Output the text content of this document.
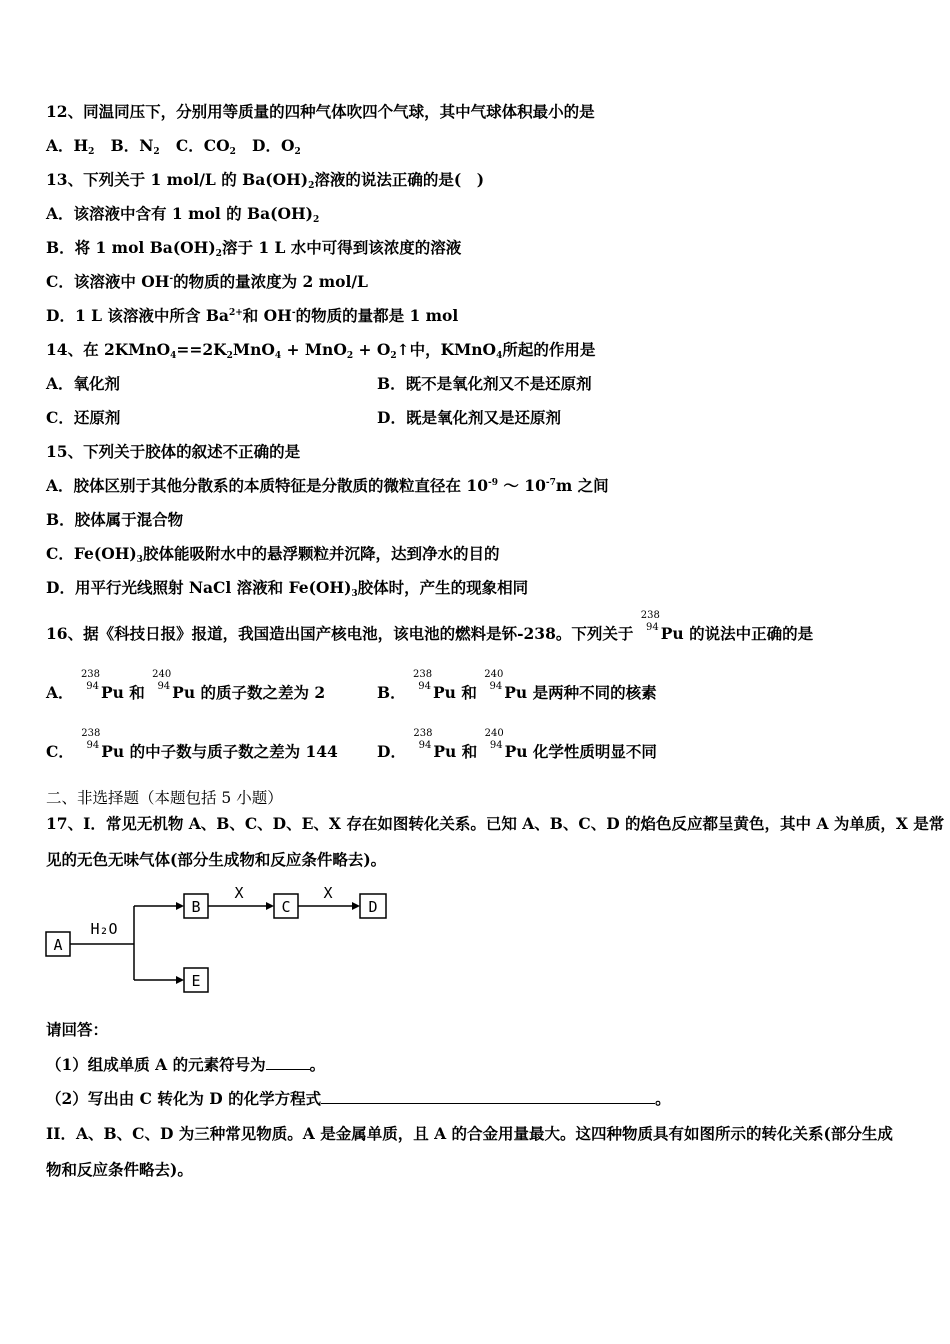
12、同温同压下，分别用等质量的四种气体吹四个气球，其中气球体积最小的是
A．$H_2$ B．$N_2$ C．$CO_2$ D．$O_2$
13、下列关于 1 mol/L 的 $Ba(OH)_2$溶液的说法正确的是(　)
A．该溶液中含有 1 mol 的 $Ba(OH)_2$
B．将 1 mol $Ba(OH)_2$溶于 1 L 水中可得到该浓度的溶液
C．该溶液中 OH-的物质的量浓度为 2 mol/L
D．1 L 该溶液中所含 $Ba^{2+}$和 OH-的物质的量都是 1 mol
14、在 $2KMnO_4==2K_2MnO_4 + MnO_2$ + $O_2↑$中，KMnO$_4$所起的作用是
A．氧化剂	B．既不是氧化剂又不是还原剂
C．还原剂	D．既是氧化剂又是还原剂
15、下列关于胶体的叙述不正确的是
A．胶体区别于其他分散系的本质特征是分散质的微粒直径在 $10^{-9}$ ～ $10^{-7}m$ 之间
B．胶体属于混合物
C．$Fe(OH)_3$胶体能吸附水中的悬浮颗粒并沉降，达到净水的目的
D．用平行光线照射 NaCl 溶液和 $Fe(OH)_3$胶体时，产生的现象相同
16、据《科技日报》报道，我国造出国产核电池，该电池的燃料是钚-238。下列关于
238
94 Pu 的说法中正确的是
A．
238
94 Pu 和
240
94 Pu 的质子数之差为 2	B．
238
94 Pu 和
240
94 Pu 是两种不同的核素
C．
238
94 Pu 的中子数与质子数之差为 144	D．
238
94 Pu 和
240
94 Pu 化学性质明显不同
二、非选择题（本题包括 5 小题）
17、I．常见无机物 A、B、C、D、E、X 存在如图转化关系。已知 A、B、C、D 的焰色反应都呈黄色，其中 A 为单质，X 是常
见的无色无味气体(部分生成物和反应条件略去)。
A
B	C	D
E
H₂O
X	X
请回答：
（1）组成单质 A 的元素符号为	。
（2）写出由 C 转化为 D 的化学方程式	。
II．A、B、C、D 为三种常见物质。A 是金属单质，且 A 的合金用量最大。这四种物质具有如图所示的转化关系(部分生成
物和反应条件略去)。
